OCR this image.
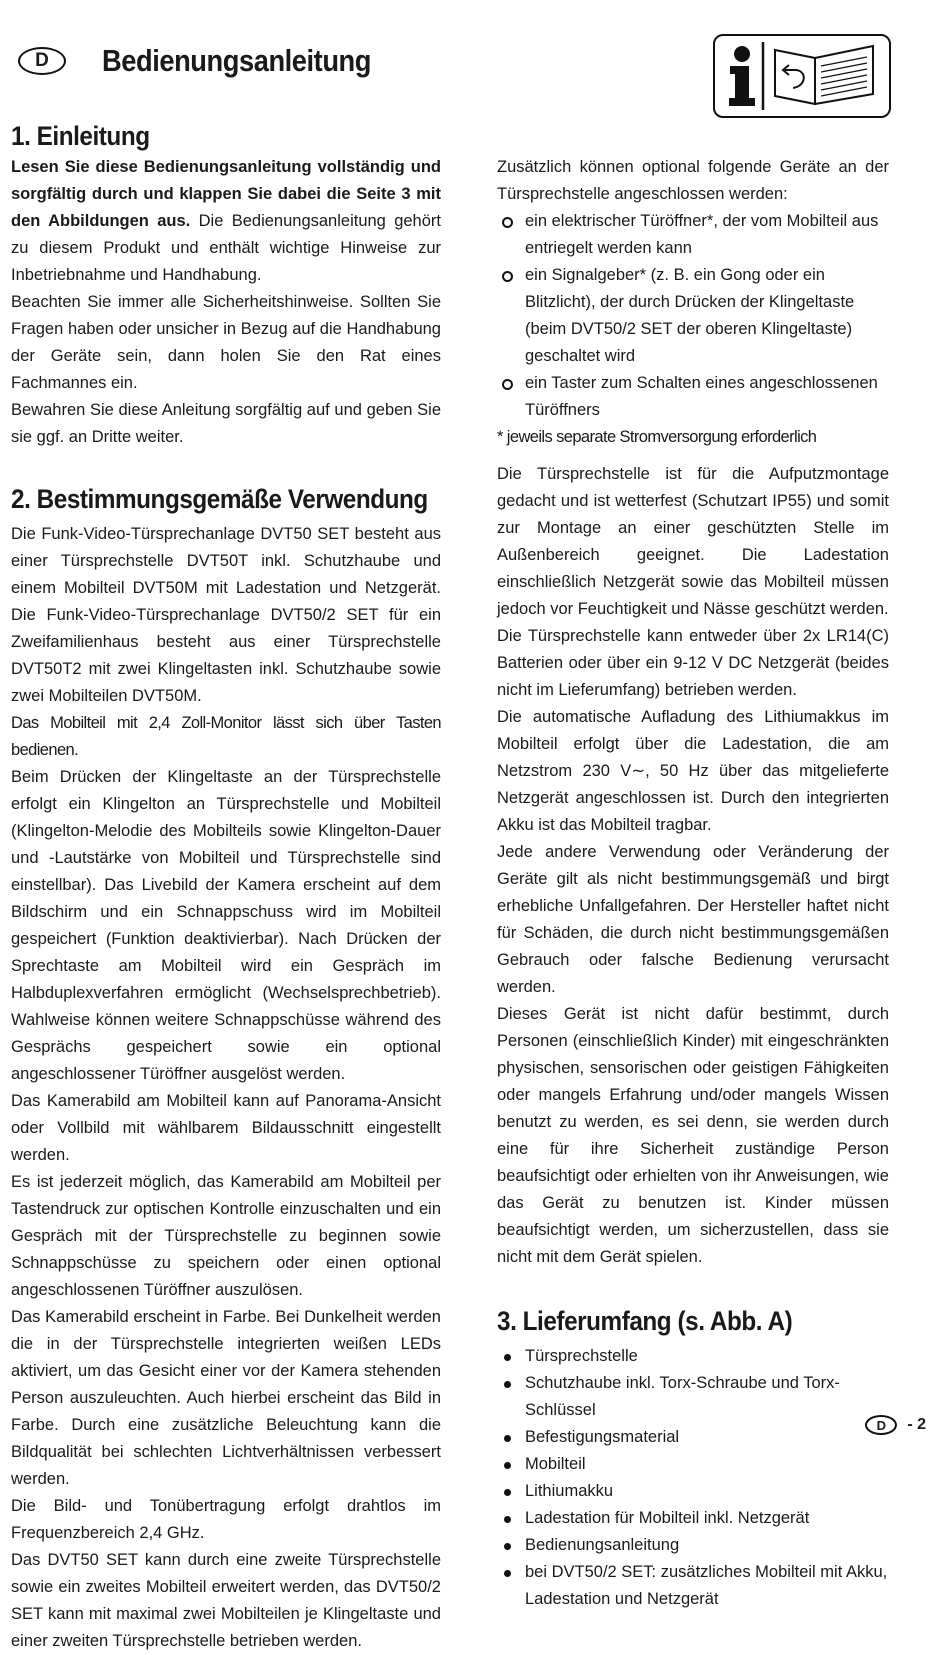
D	Bedienungsanleitung
1. Einleitung

Lesen Sie diese Bedienungsanleitung vollständig und sorgfältig durch und klappen Sie dabei die Seite 3 mit den Abbildungen aus. Die Bedienungsanleitung gehört zu diesem Produkt und enthält wichtige Hinweise zur Inbetriebnahme und Handhabung.

Beachten Sie immer alle Sicherheitshinweise. Sollten Sie Fragen haben oder unsicher in Bezug auf die Handhabung der Geräte sein, dann holen Sie den Rat eines Fachmannes ein.

Bewahren Sie diese Anleitung sorgfältig auf und geben Sie sie ggf. an Dritte weiter.

2. Bestimmungsgemäße Verwendung

Die Funk-Video-Türsprechanlage DVT50 SET besteht aus einer Türsprechstelle DVT50T inkl. Schutzhaube und einem Mobilteil DVT50M mit Ladestation und Netzgerät. Die Funk-Video-Türsprechanlage DVT50/2 SET für ein Zweifamilienhaus besteht aus einer Türsprechstelle DVT50T2 mit zwei Klingeltasten inkl. Schutzhaube sowie zwei Mobilteilen DVT50M.

Das Mobilteil mit 2,4 Zoll-Monitor lässt sich über Tasten bedienen.

Beim Drücken der Klingeltaste an der Türsprechstelle erfolgt ein Klingelton an Türsprechstelle und Mobilteil (Klingelton-Melodie des Mobilteils sowie Klingelton-Dauer und -Lautstärke von Mobilteil und Türsprechstelle sind einstellbar). Das Livebild der Kamera erscheint auf dem Bildschirm und ein Schnappschuss wird im Mobilteil gespeichert (Funktion deaktivierbar). Nach Drücken der Sprechtaste am Mobilteil wird ein Gespräch im Halbduplexverfahren ermöglicht (Wechselsprechbetrieb). Wahlweise können weitere Schnappschüsse während des Gesprächs gespeichert sowie ein optional angeschlossener Türöffner ausgelöst werden.

Das Kamerabild am Mobilteil kann auf Panorama-Ansicht oder Vollbild mit wählbarem Bildausschnitt eingestellt werden.

Es ist jederzeit möglich, das Kamerabild am Mobilteil per Tastendruck zur optischen Kontrolle einzuschalten und ein Gespräch mit der Türsprechstelle zu beginnen sowie Schnappschüsse zu speichern oder einen optional angeschlossenen Türöffner auszulösen.

Das Kamerabild erscheint in Farbe. Bei Dunkelheit werden die in der Türsprechstelle integrierten weißen LEDs aktiviert, um das Gesicht einer vor der Kamera stehenden Person auszuleuchten. Auch hierbei erscheint das Bild in Farbe. Durch eine zusätzliche Beleuchtung kann die Bildqualität bei schlechten Lichtverhältnissen verbessert werden.

Die Bild- und Tonübertragung erfolgt drahtlos im Frequenzbereich 2,4 GHz.

Das DVT50 SET kann durch eine zweite Türsprechstelle sowie ein zweites Mobilteil erweitert werden, das DVT50/2 SET kann mit maximal zwei Mobilteilen je Klingeltaste und einer zweiten Türsprechstelle betrieben werden.

Zusätzlich können optional folgende Geräte an der Türsprechstelle angeschlossen werden:

ein elektrischer Türöffner*, der vom Mobilteil aus entriegelt werden kann
ein Signalgeber* (z. B. ein Gong oder ein Blitzlicht), der durch Drücken der Klingeltaste (beim DVT50/2 SET der oberen Klingeltaste) geschaltet wird
ein Taster zum Schalten eines angeschlossenen Türöffners

* jeweils separate Stromversorgung erforderlich

Die Türsprechstelle ist für die Aufputzmontage gedacht und ist wetterfest (Schutzart IP55) und somit zur Montage an einer geschützten Stelle im Außenbereich geeignet. Die Ladestation einschließlich Netzgerät sowie das Mobilteil müssen jedoch vor Feuchtigkeit und Nässe geschützt werden.

Die Türsprechstelle kann entweder über 2x LR14(C) Batterien oder über ein 9-12 V DC Netzgerät (beides nicht im Lieferumfang) betrieben werden.

Die automatische Aufladung des Lithiumakkus im Mobilteil erfolgt über die Ladestation, die am Netzstrom 230 V∼, 50 Hz über das mitgelieferte Netzgerät angeschlossen ist. Durch den integrierten Akku ist das Mobilteil tragbar.

Jede andere Verwendung oder Veränderung der Geräte gilt als nicht bestimmungsgemäß und birgt erhebliche Unfallgefahren. Der Hersteller haftet nicht für Schäden, die durch nicht bestimmungsgemäßen Gebrauch oder falsche Bedienung verursacht werden.

Dieses Gerät ist nicht dafür bestimmt, durch Personen (einschließlich Kinder) mit eingeschränkten physischen, sensorischen oder geistigen Fähigkeiten oder mangels Erfahrung und/oder mangels Wissen benutzt zu werden, es sei denn, sie werden durch eine für ihre Sicherheit zuständige Person beaufsichtigt oder erhielten von ihr Anweisungen, wie das Gerät zu benutzen ist. Kinder müssen beaufsichtigt werden, um sicherzustellen, dass sie nicht mit dem Gerät spielen.

3. Lieferumfang (s. Abb. A)
Türsprechstelle
Schutzhaube inkl. Torx-Schraube und Torx-Schlüssel
Befestigungsmaterial
Mobilteil
Lithiumakku
Ladestation für Mobilteil inkl. Netzgerät
Bedienungsanleitung
bei DVT50/2 SET: zusätzliches Mobilteil mit Akku, Ladestation und Netzgerät
D	- 2
